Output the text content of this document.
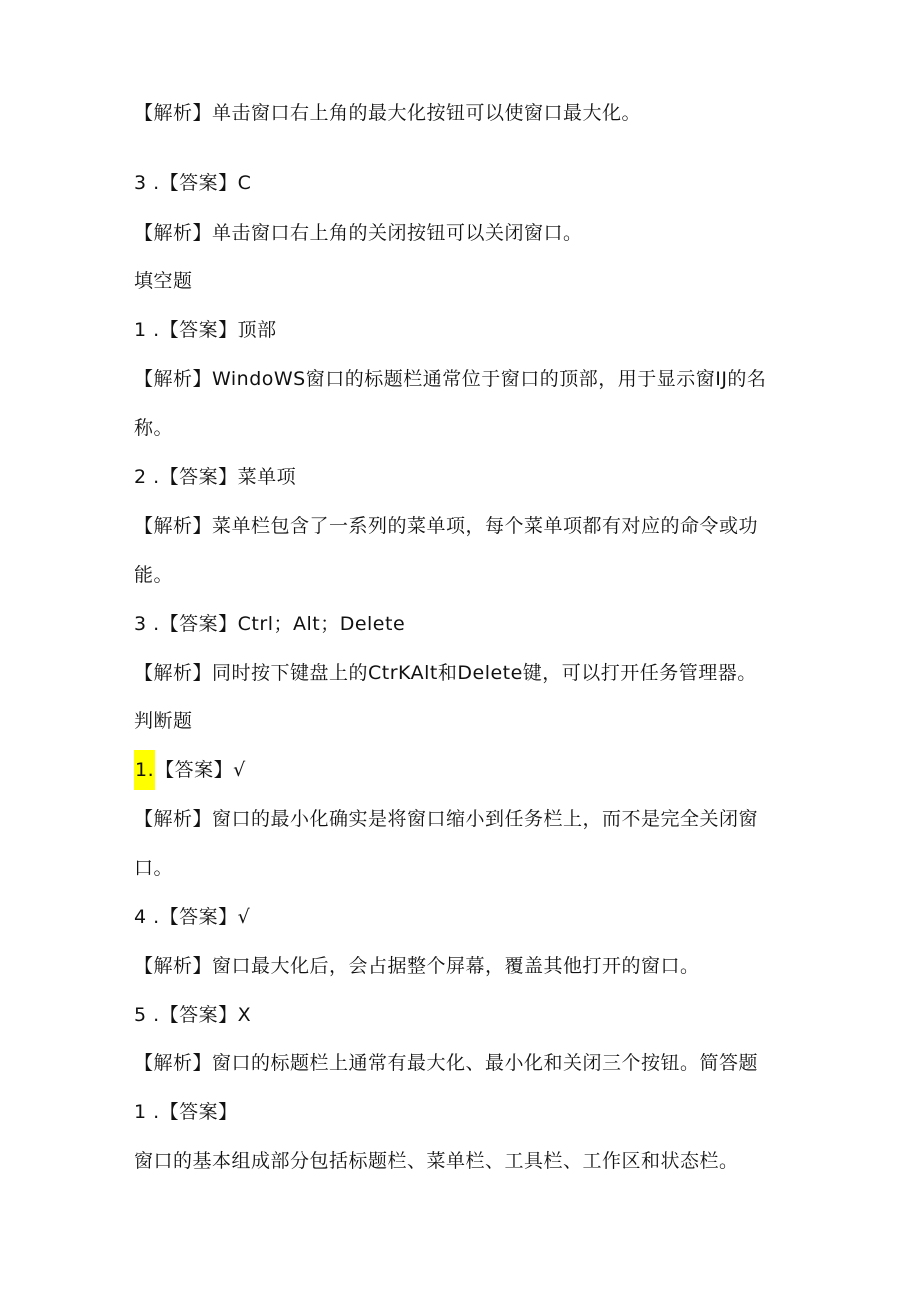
【解析】单击窗口右上角的最大化按钮可以使窗口最大化。
3 .【答案】C
【解析】单击窗口右上角的关闭按钮可以关闭窗口。
填空题
1 .【答案】顶部
【解析】WindoWS窗口的标题栏通常位于窗口的顶部，用于显示窗IJ的名
称。
2 .【答案】菜单项
【解析】菜单栏包含了一系列的菜单项，每个菜单项都有对应的命令或功
能。
3 .【答案】Ctrl；Alt；Delete
【解析】同时按下键盘上的CtrKAlt和Delete键，可以打开任务管理器。
判断题
1.【答案】√
【解析】窗口的最小化确实是将窗口缩小到任务栏上，而不是完全关闭窗
口。
4 .【答案】√
【解析】窗口最大化后，会占据整个屏幕，覆盖其他打开的窗口。
5 .【答案】X
【解析】窗口的标题栏上通常有最大化、最小化和关闭三个按钮。简答题
1 .【答案】
窗口的基本组成部分包括标题栏、菜单栏、工具栏、工作区和状态栏。
